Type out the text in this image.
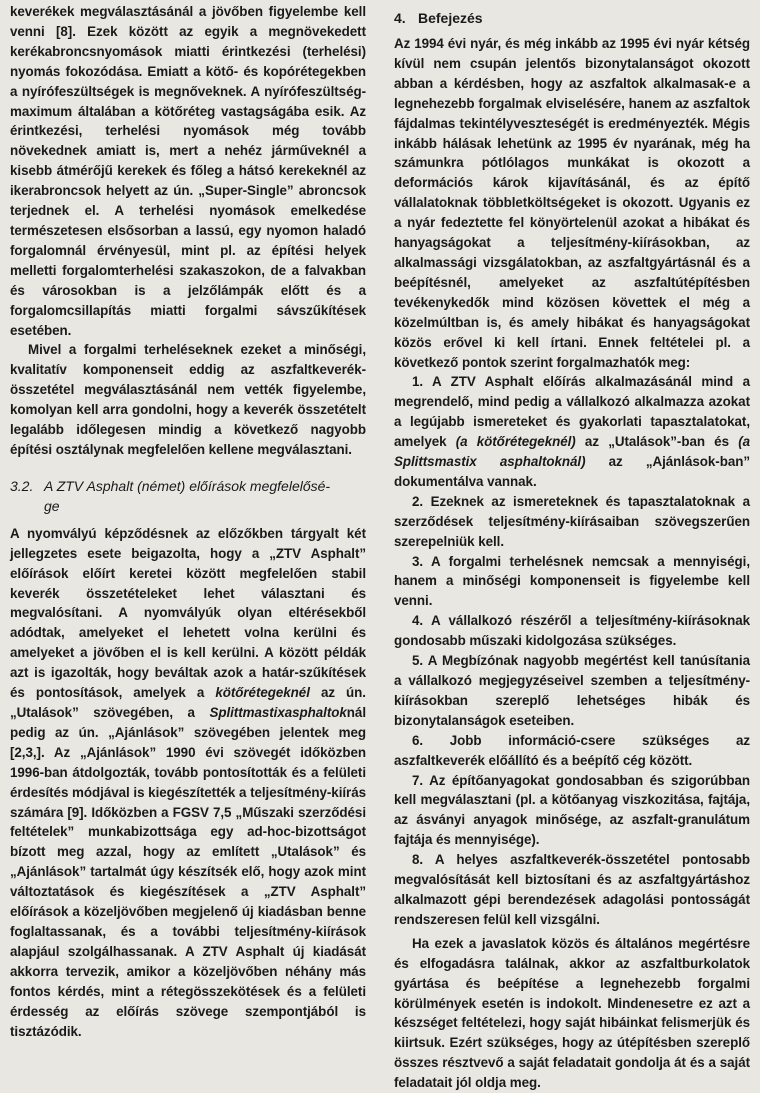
keverékek megválasztásánál a jövőben figyelembe kell venni [8]. Ezek között az egyik a megnövekedett kerékabroncsnyomások miatti érintkezési (terhelési) nyomás fokozódása. Emiatt a kötő- és kopórétegekben a nyírófeszültségek is megnőveknek. A nyírófeszültség-maximum általában a kötőréteg vastagságába esik. Az érintkezési, terhelési nyomások még tovább növekednek amiatt is, mert a nehéz járműveknél a kisebb átmérőjű kerekek és főleg a hátsó kerekeknél az ikerabroncsok helyett az ún. „Super-Single” abroncsok terjednek el. A terhelési nyomások emelkedése természetesen elsősorban a lassú, egy nyomon haladó forgalomnál érvényesül, mint pl. az építési helyek melletti forgalomterhelési szakaszokon, de a falvakban és városokban is a jelzőlámpák előtt és a forgalomcsillapítás miatti forgalmi sávszűkítések esetében.

Mivel a forgalmi terheléseknek ezeket a minőségi, kvalitatív komponenseit eddig az aszfaltkeverék-összetétel megválasztásánál nem vették figyelembe, komolyan kell arra gondolni, hogy a keverék összetételt legalább időlegesen mindig a következő nagyobb építési osztálynak megfelelően kellene megválasztani.

3.2. A ZTV Asphalt (német) előírások megfelelősé-
ge

A nyomvályú képződésnek az előzőkben tárgyalt két jellegzetes esete beigazolta, hogy a „ZTV Asphalt” előírások előírt keretei között megfelelően stabil keverék összetételeket lehet választani és megvalósítani. A nyomvályúk olyan eltérésekből adódtak, amelyeket el lehetett volna kerülni és amelyeket a jövőben el is kell kerülni. A között példák azt is igazolták, hogy beváltak azok a határ-szűkítések és pontosítások, amelyek a kötőrétegeknél az ún. „Utalások” szövegében, a Splittmastixasphaltoknál pedig az ún. „Ajánlások” szövegében jelentek meg [2,3,]. Az „Ajánlások” 1990 évi szövegét időközben 1996-ban átdolgozták, tovább pontosították és a felületi érdesítés módjával is kiegészítették a teljesítmény-kiírás számára [9]. Időközben a FGSV 7,5 „Műszaki szerződési feltételek” munkabizottsága egy ad-hoc-bizottságot bízott meg azzal, hogy az említett „Utalások” és „Ajánlások” tartalmát úgy készítsék elő, hogy azok mint változtatások és kiegészítések a „ZTV Asphalt” előírások a közeljövőben megjelenő új kiadásban benne foglaltassanak, és a további teljesítmény-kiírások alapjául szolgálhassanak. A ZTV Asphalt új kiadását akkorra tervezik, amikor a közeljövőben néhány más fontos kérdés, mint a rétegösszekötések és a felületi érdesség az előírás szövege szempontjából is tisztázódik.

4. Befejezés

Az 1994 évi nyár, és még inkább az 1995 évi nyár kétség kívül nem csupán jelentős bizonytalanságot okozott abban a kérdésben, hogy az aszfaltok alkalmasak-e a legnehezebb forgalmak elviselésére, hanem az aszfaltok fájdalmas tekintélyveszteségét is eredményezték. Mégis inkább hálásak lehetünk az 1995 év nyarának, még ha számunkra pótlólagos munkákat is okozott a deformációs károk kijavításánál, és az építő vállalatoknak többletköltségeket is okozott. Ugyanis ez a nyár fedeztette fel könyörtelenül azokat a hibákat és hanyagságokat a teljesítmény-kiírásokban, az alkalmassági vizsgálatokban, az aszfaltgyártásnál és a beépítésnél, amelyeket az aszfaltútépítésben tevékenykedők mind közösen követtek el még a közelmúltban is, és amely hibákat és hanyagságokat közös erővel ki kell írtani. Ennek feltételei pl. a következő pontok szerint forgalmazhatók meg:

1. A ZTV Asphalt előírás alkalmazásánál mind a megrendelő, mind pedig a vállalkozó alkalmazza azokat a legújabb ismereteket és gyakorlati tapasztalatokat, amelyek (a kötőrétegeknél) az „Utalások”-ban és (a Splittsmastix asphaltoknál) az „Ajánlások-ban” dokumentálva vannak.

2. Ezeknek az ismereteknek és tapasztalatoknak a szerződések teljesítmény-kiírásaiban szövegszerűen szerepelniük kell.

3. A forgalmi terhelésnek nemcsak a mennyiségi, hanem a minőségi komponenseit is figyelembe kell venni.

4. A vállalkozó részéről a teljesítmény-kiírásoknak gondosabb műszaki kidolgozása szükséges.

5. A Megbízónak nagyobb megértést kell tanúsítania a vállalkozó megjegyzéseivel szemben a teljesítmény-kiírásokban szereplő lehetséges hibák és bizonytalanságok eseteiben.

6. Jobb információ-csere szükséges az aszfaltkeverék előállító és a beépítő cég között.

7. Az építőanyagokat gondosabban és szigorúbban kell megválasztani (pl. a kötőanyag viszkozitása, fajtája, az ásványi anyagok minősége, az aszfalt-granulátum fajtája és mennyisége).

8. A helyes aszfaltkeverék-összetétel pontosabb megvalósítását kell biztosítani és az aszfaltgyártáshoz alkalmazott gépi berendezések adagolási pontosságát rendszeresen felül kell vizsgálni.

Ha ezek a javaslatok közös és általános megértésre és elfogadásra találnak, akkor az aszfaltburkolatok gyártása és beépítése a legnehezebb forgalmi körülmények esetén is indokolt. Mindenesetre ez azt a készséget feltételezi, hogy saját hibáinkat felismerjük és kiirtsuk. Ezért szükséges, hogy az útépítésben szereplő összes résztvevő a saját feladatait gondolja át és a saját feladatait jól oldja meg.
